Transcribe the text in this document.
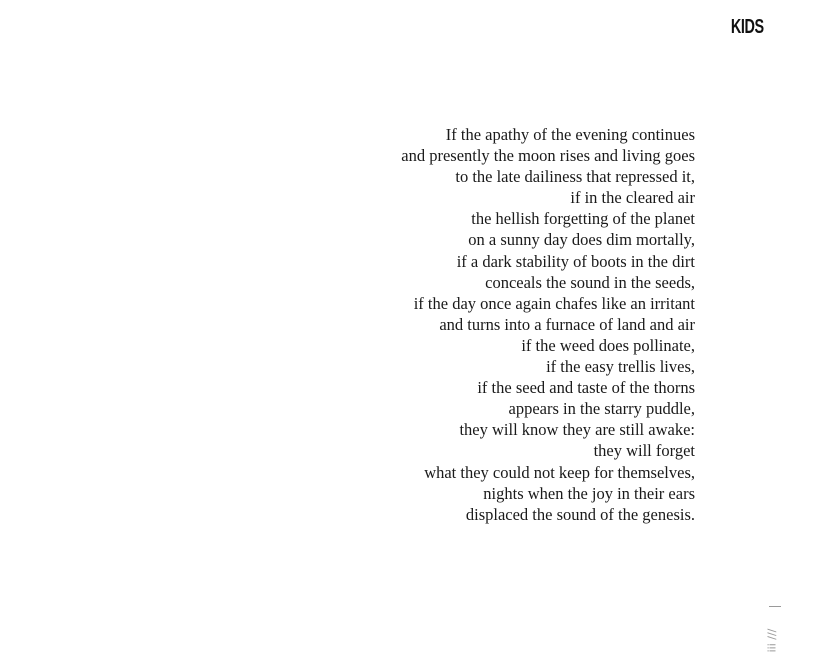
KIDS
If the apathy of the evening continues
and presently the moon rises and living goes
to the late dailiness that repressed it,
if in the cleared air
the hellish forgetting of the planet
on a sunny day does dim mortally,
if a dark stability of boots in the dirt
conceals the sound in the seeds,
if the day once again chafes like an irritant
and turns into a furnace of land and air
if the weed does pollinate,
if the easy trellis lives,
if the seed and taste of the thorns
appears in the starry puddle,
they will know they are still awake:
they will forget
what they could not keep for themselves,
nights when the joy in their ears
displaced the sound of the genesis.
iii ///
